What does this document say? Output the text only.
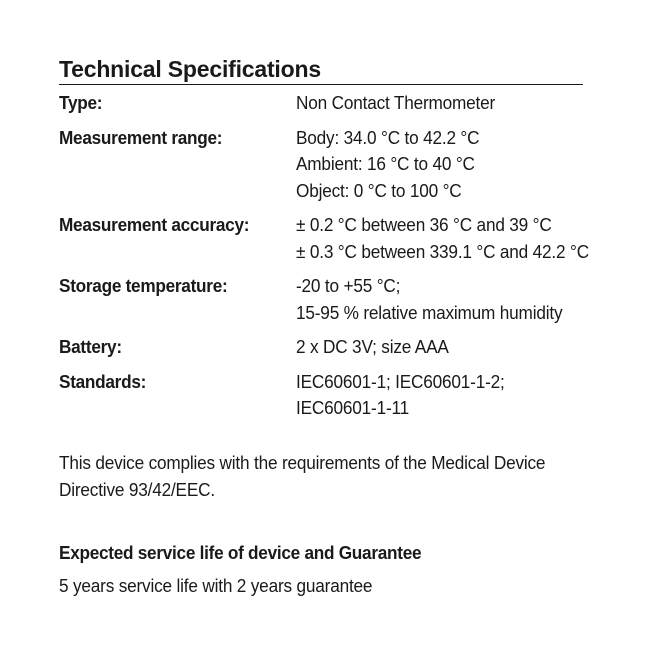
Technical Specifications
Type:	Non Contact Thermometer
Measurement range:	Body: 34.0 °C to 42.2 °C
Ambient: 16 °C to 40 °C
Object: 0 °C to 100 °C
Measurement accuracy:	± 0.2 °C between 36 °C and 39 °C
± 0.3 °C between 339.1 °C and 42.2 °C
Storage temperature:	-20 to +55 °C;
15-95 % relative maximum humidity
Battery:	2 x DC 3V; size AAA
Standards:	IEC60601-1; IEC60601-1-2;
IEC60601-1-11
This device complies with the requirements of the Medical Device
Directive 93/42/EEC.
Expected service life of device and Guarantee
5 years service life with 2 years guarantee
